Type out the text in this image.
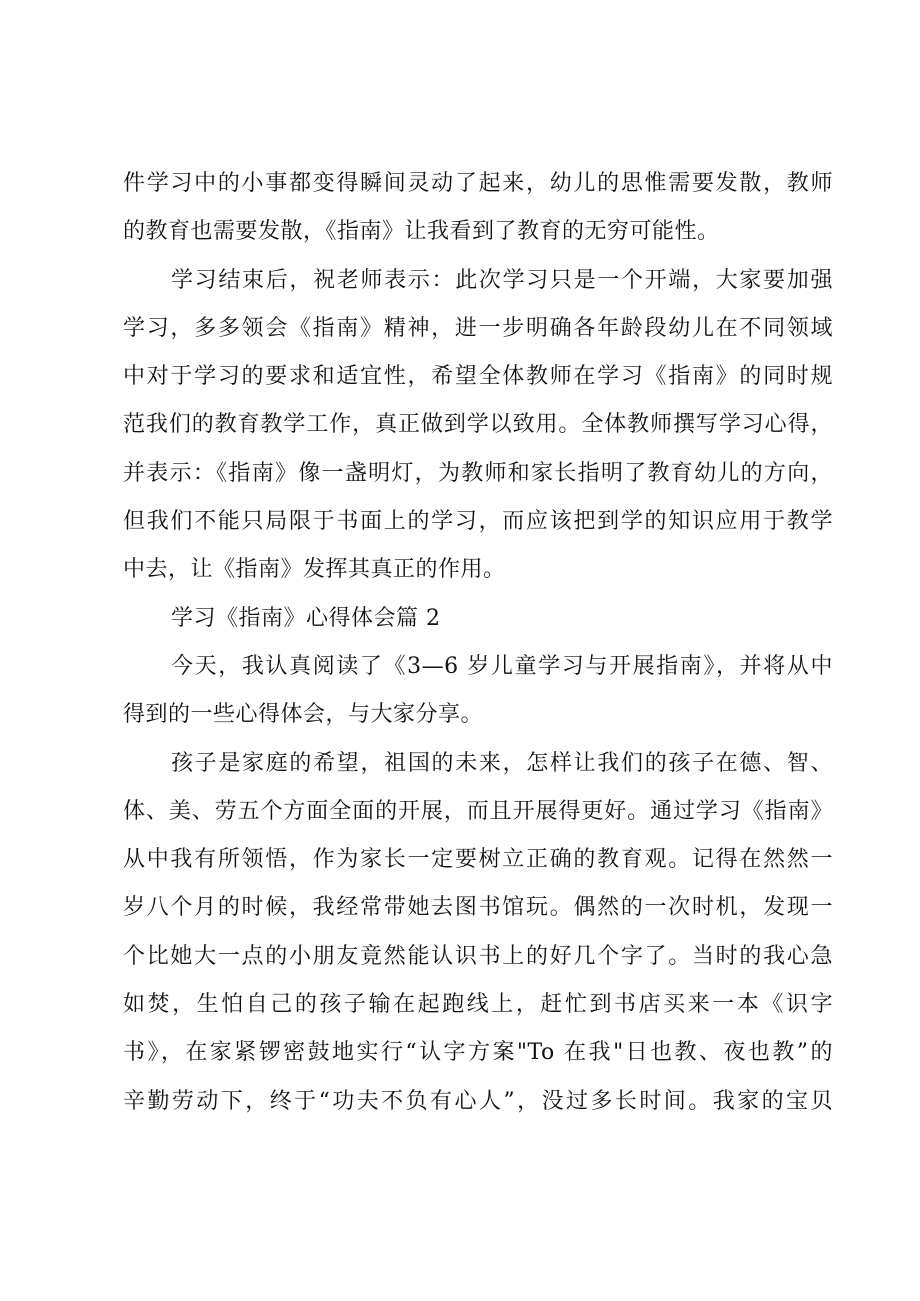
件学习中的小事都变得瞬间灵动了起来，幼儿的思惟需要发散，教师
的教育也需要发散，《指南》让我看到了教育的无穷可能性。
学习结束后，祝老师表示：此次学习只是一个开端，大家要加强
学习，多多领会《指南》精神，进一步明确各年龄段幼儿在不同领域
中对于学习的要求和适宜性，希望全体教师在学习《指南》的同时规
范我们的教育教学工作，真正做到学以致用。全体教师撰写学习心得，
并表示：《指南》像一盏明灯，为教师和家长指明了教育幼儿的方向，
但我们不能只局限于书面上的学习，而应该把到学的知识应用于教学
中去，让《指南》发挥其真正的作用。
学习《指南》心得体会篇 2
今天，我认真阅读了《3—6 岁儿童学习与开展指南》，并将从中
得到的一些心得体会，与大家分享。
孩子是家庭的希望，祖国的未来，怎样让我们的孩子在德、智、
体、美、劳五个方面全面的开展，而且开展得更好。通过学习《指南》
从中我有所领悟，作为家长一定要树立正确的教育观。记得在然然一
岁八个月的时候，我经常带她去图书馆玩。偶然的一次时机，发现一
个比她大一点的小朋友竟然能认识书上的好几个字了。当时的我心急
如焚，生怕自己的孩子输在起跑线上，赶忙到书店买来一本《识字
书》，在家紧锣密鼓地实行“认字方案"To 在我"日也教、夜也教”的
辛勤劳动下，终于“功夫不负有心人”，没过多长时间。我家的宝贝
